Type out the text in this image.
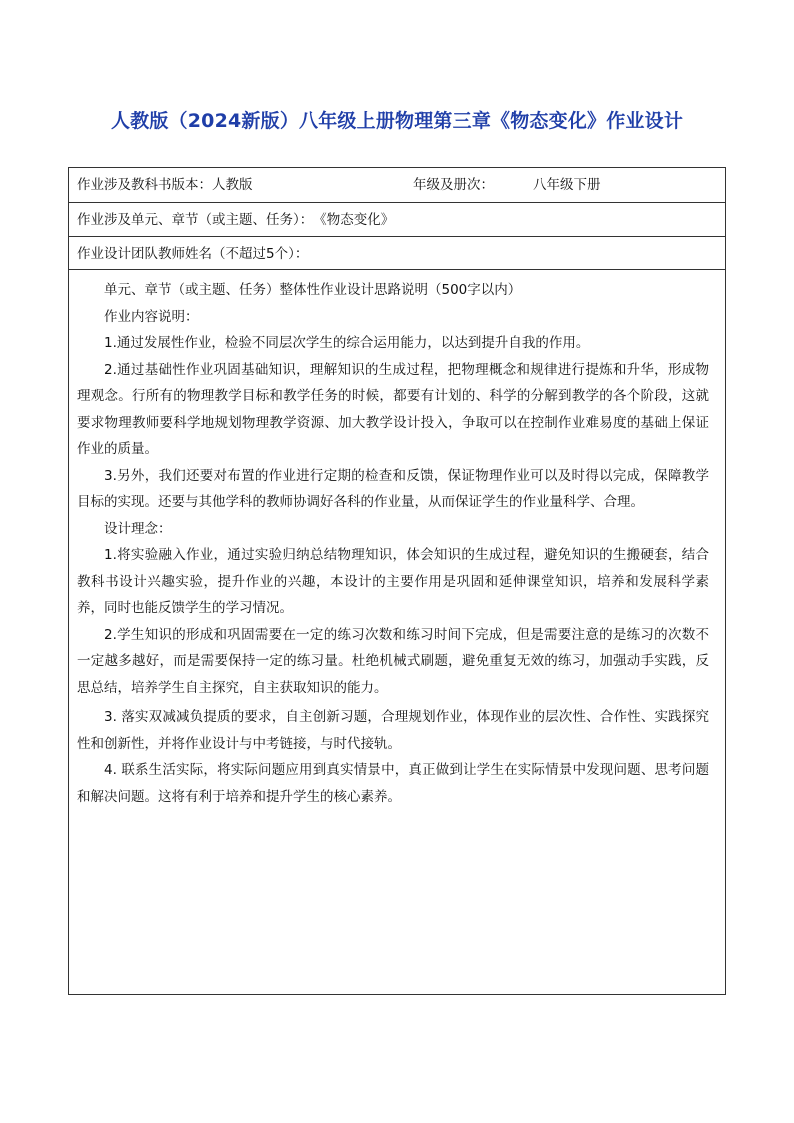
人教版（2024新版）八年级上册物理第三章《物态变化》作业设计
作业涉及教科书版本：人教版	年级及册次：	八年级下册
作业涉及单元、章节（或主题、任务）：《物态变化》
作业设计团队教师姓名（不超过5个）：

单元、章节（或主题、任务）整体性作业设计思路说明（500字以内）

作业内容说明：

1.通过发展性作业，检验不同层次学生的综合运用能力，以达到提升自我的作用。

2.通过基础性作业巩固基础知识，理解知识的生成过程，把物理概念和规律进行提炼和升华，形成物理观念。行所有的物理教学目标和教学任务的时候，都要有计划的、科学的分解到教学的各个阶段，这就要求物理教师要科学地规划物理教学资源、加大教学设计投入，争取可以在控制作业难易度的基础上保证作业的质量。

3.另外，我们还要对布置的作业进行定期的检查和反馈，保证物理作业可以及时得以完成，保障教学目标的实现。还要与其他学科的教师协调好各科的作业量，从而保证学生的作业量科学、合理。

设计理念：

1.将实验融入作业，通过实验归纳总结物理知识，体会知识的生成过程，避免知识的生搬硬套，结合教科书设计兴趣实验，提升作业的兴趣，本设计的主要作用是巩固和延伸课堂知识，培养和发展科学素养，同时也能反馈学生的学习情况。

2.学生知识的形成和巩固需要在一定的练习次数和练习时间下完成，但是需要注意的是练习的次数不一定越多越好，而是需要保持一定的练习量。杜绝机械式刷题，避免重复无效的练习，加强动手实践，反思总结，培养学生自主探究，自主获取知识的能力。

3. 落实双减减负提质的要求，自主创新习题，合理规划作业，体现作业的层次性、合作性、实践探究性和创新性，并将作业设计与中考链接，与时代接轨。

4. 联系生活实际，将实际问题应用到真实情景中，真正做到让学生在实际情景中发现问题、思考问题和解决问题。这将有利于培养和提升学生的核心素养。
